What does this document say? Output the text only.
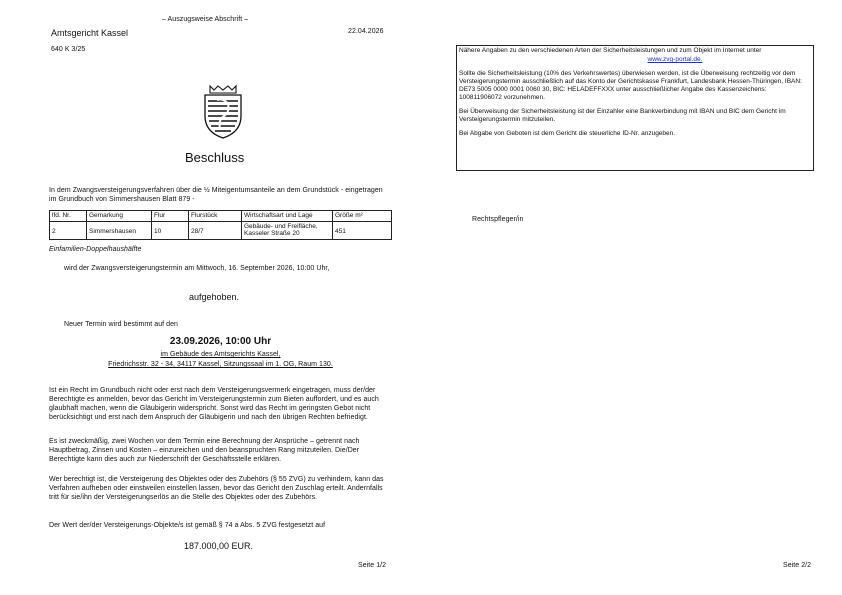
– Auszugsweise Abschrift –
Amtsgericht Kassel	22.04.2026
640 K 3/25
Beschluss
In dem Zwangsversteigerungsverfahren über die ½ Miteigentumsanteile an dem Grundstück - eingetragen im Grundbuch von Simmershausen Blatt 879 -
lfd. Nr.	Gemarkung	Flur	Flurstück	Wirtschaftsart und Lage	Größe m²
2	Simmershausen	10	28/7	Gebäude- und Freifläche, Kasseler Straße 20	451
Einfamilien-Doppelhaushälfte
wird der Zwangsversteigerungstermin am Mittwoch, 16. September 2026, 10:00 Uhr,
aufgehoben.
Neuer Termin wird bestimmt auf den
23.09.2026, 10:00 Uhr
im Gebäude des Amtsgerichts Kassel,
Friedrichsstr. 32 - 34, 34117 Kassel, Sitzungssaal im 1. OG, Raum 130.
Ist ein Recht im Grundbuch nicht oder erst nach dem Versteigerungsvermerk eingetragen, muss der/der Berechtigte es anmelden, bevor das Gericht im Versteigerungstermin zum Bieten auffordert, und es auch glaubhaft machen, wenn die Gläubigerin widerspricht. Sonst wird das Recht im geringsten Gebot nicht berücksichtigt und erst nach dem Anspruch der Gläubigerin und nach den übrigen Rechten befriedigt.
Es ist zweckmäßig, zwei Wochen vor dem Termin eine Berechnung der Ansprüche – getrennt nach Hauptbetrag, Zinsen und Kosten – einzureichen und den beanspruchten Rang mitzuteilen. Die/Der Berechtigte kann dies auch zur Niederschrift der Geschäftsstelle erklären.
Wer berechtigt ist, die Versteigerung des Objektes oder des Zubehörs (§ 55 ZVG) zu verhindern, kann das Verfahren aufheben oder einstweilen einstellen lassen, bevor das Gericht den Zuschlag erteilt. Andernfalls tritt für sie/ihn der Versteigerungserlös an die Stelle des Objektes oder des Zubehörs.
Der Wert der/der Versteigerungs-Objekte/s ist gemäß § 74 a Abs. 5 ZVG festgesetzt auf
187.000,00 EUR.
Seite 1/2

Nähere Angaben zu den verschiedenen Arten der Sicherheitsleistungen und zum Objekt im Internet unter

www.zvg-portal.de.

Sollte die Sicherheitsleistung (10% des Verkehrswertes) überwiesen werden, ist die Überweisung rechtzeitig vor dem Versteigerungstermin ausschließlich auf das Konto der Gerichtskasse Frankfurt, Landesbank Hessen-Thüringen, IBAN: DE73 5005 0000 0001 0060 30, BIC: HELADEFFXXX unter ausschließlicher Angabe des Kassenzeichens: 100811906072 vorzunehmen.

Bei Überweisung der Sicherheitsleistung ist der Einzahler eine Bankverbindung mit IBAN und BIC dem Gericht im Versteigerungstermin mitzuteilen.

Bei Abgabe von Geboten ist dem Gericht die steuerliche ID-Nr. anzugeben.

Rechtspfleger/in
Seite 2/2
